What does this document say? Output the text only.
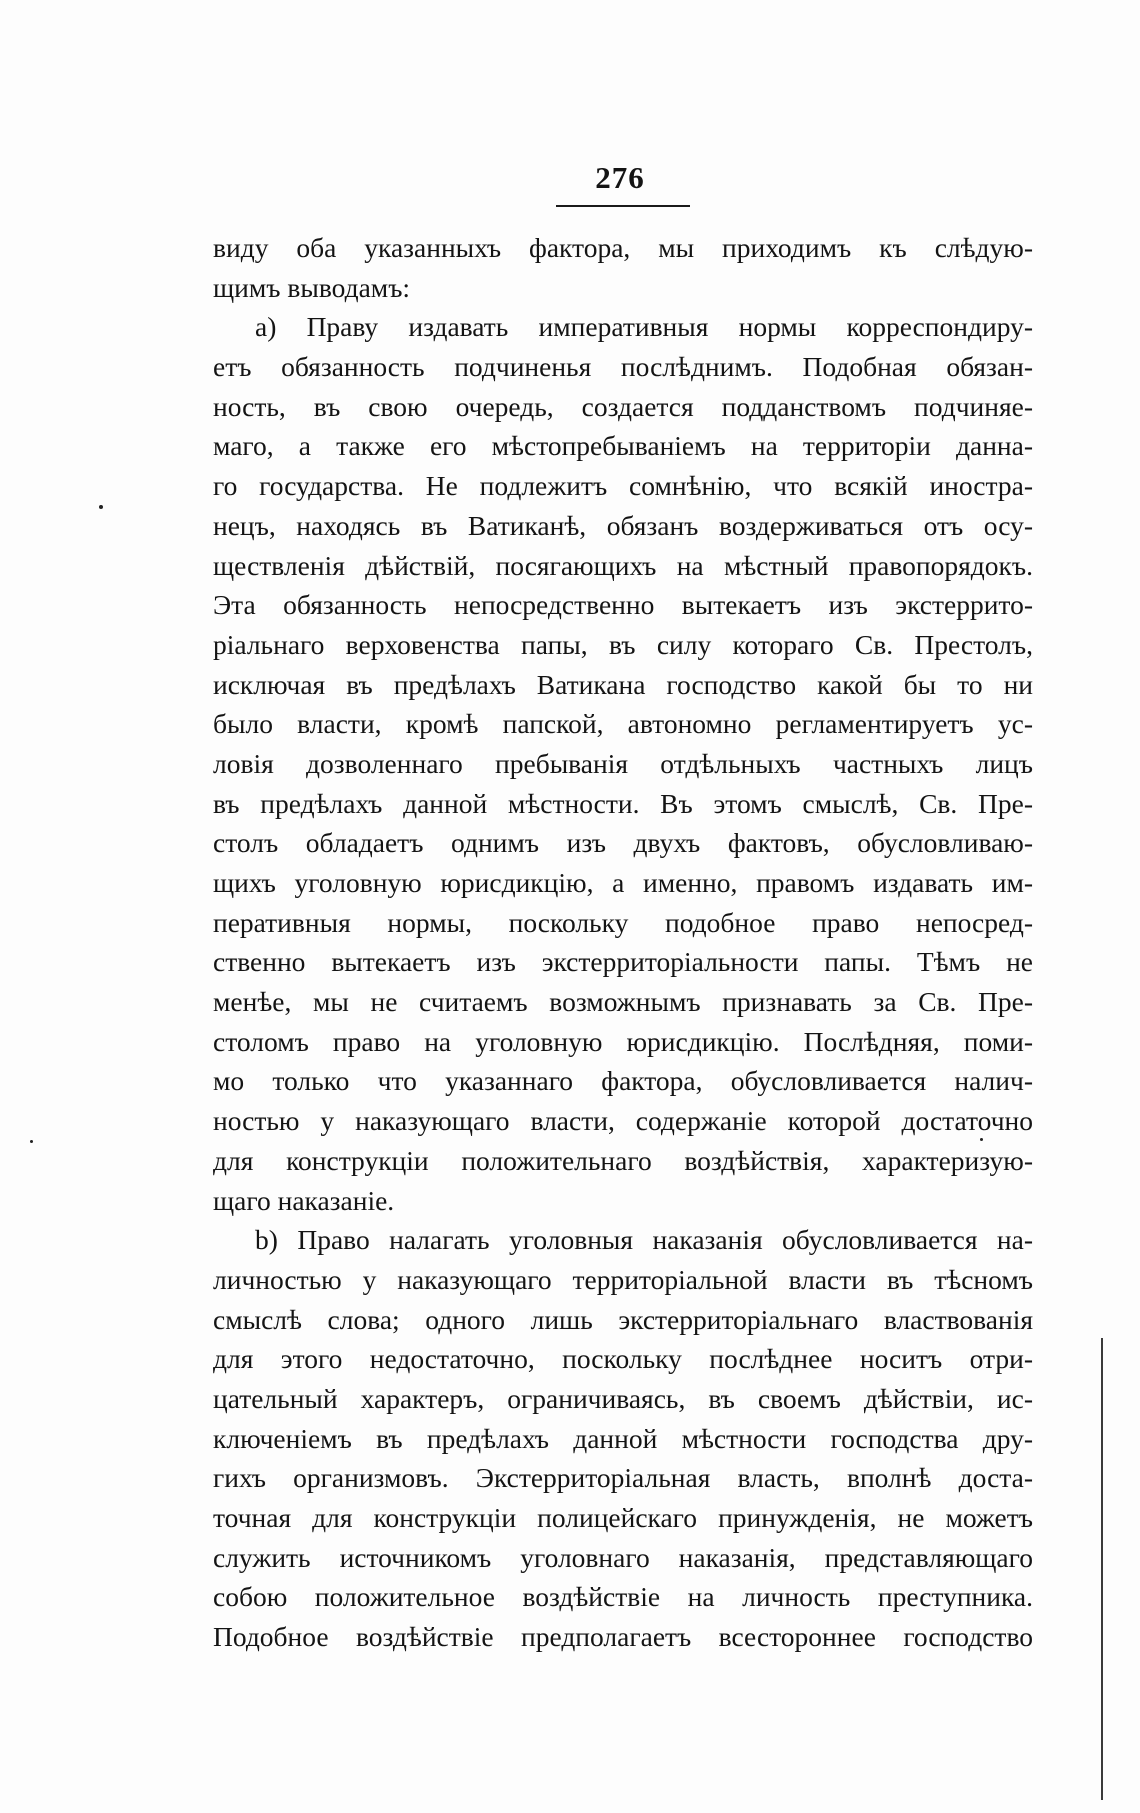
276
виду оба указанныхъ фактора, мы приходимъ къ слѣдую-
щимъ выводамъ:
a) Праву издавать императивныя нормы корреспондиру-
етъ обязанность подчиненья послѣднимъ. Подобная обязан-
ность, въ свою очередь, создается подданствомъ подчиняе-
маго, а также его мѣстопребываніемъ на территоріи данна-
го государства. Не подлежитъ сомнѣнію, что всякій иностра-
нецъ, находясь въ Ватиканѣ, обязанъ воздерживаться отъ осу-
ществленія дѣйствій, посягающихъ на мѣстный правопорядокъ.
Эта обязанность непосредственно вытекаетъ изъ экстеррито-
ріальнаго верховенства папы, въ силу котораго Св. Престолъ,
исключая въ предѣлахъ Ватикана господство какой бы то ни
было власти, кромѣ папской, автономно регламентируетъ ус-
ловія дозволеннаго пребыванія отдѣльныхъ частныхъ лицъ
въ предѣлахъ данной мѣстности. Въ этомъ смыслѣ, Св. Пре-
столъ обладаетъ однимъ изъ двухъ фактовъ, обусловливаю-
щихъ уголовную юрисдикцію, а именно, правомъ издавать им-
перативныя нормы, поскольку подобное право непосред-
ственно вытекаетъ изъ экстерриторіальности папы. Тѣмъ не
менѣе, мы не считаемъ возможнымъ признавать за Св. Пре-
столомъ право на уголовную юрисдикцію. Послѣдняя, поми-
мо только что указаннаго фактора, обусловливается налич-
ностью у наказующаго власти, содержаніе которой достаточно
для конструкціи положительнаго воздѣйствія, характеризую-
щаго наказаніе.
b) Право налагать уголовныя наказанія обусловливается на-
личностью у наказующаго территоріальной власти въ тѣсномъ
смыслѣ слова; одного лишь экстерриторіальнаго властвованія
для этого недостаточно, поскольку послѣднее носитъ отри-
цательный характеръ, ограничиваясь, въ своемъ дѣйствіи, ис-
ключеніемъ въ предѣлахъ данной мѣстности господства дру-
гихъ организмовъ. Экстерриторіальная власть, вполнѣ доста-
точная для конструкціи полицейскаго принужденія, не можетъ
служить источникомъ уголовнаго наказанія, представляющаго
собою положительное воздѣйствіе на личность преступника.
Подобное воздѣйствіе предполагаетъ всестороннее господство
